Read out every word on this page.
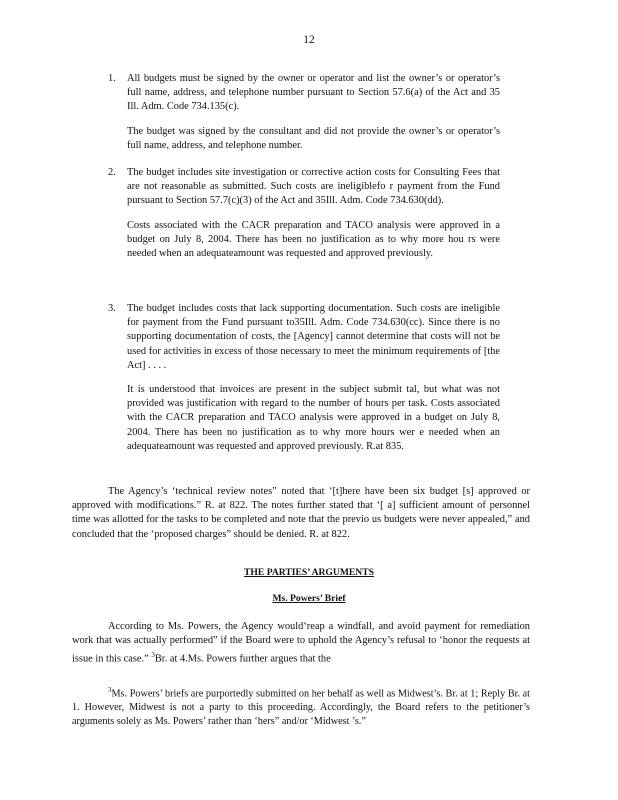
12
1. All budgets must be signed by the owner or operator and list the owner’s or operator’s full name, address, and telephone number pursuant to Section 57.6(a) of the Act and 35 Ill. Adm. Code 734.135(c).

The budget was signed by the consultant and did not provide the owner’s or operator’s full name, address, and telephone number.

2. The budget includes site investigation or corrective action costs for Consulting Fees that are not reasonable as submitted. Such costs are ineligiblefo r payment from the Fund pursuant to Section 57.7(c)(3) of the Act and 35Ill. Adm. Code 734.630(dd).

Costs associated with the CACR preparation and TACO analysis were approved in a budget on July 8, 2004. There has been no justification as to why more hou rs were needed when an adequateamount was requested and approved previously.

3. The budget includes costs that lack supporting documentation. Such costs are ineligible for payment from the Fund pursuant to35Ill. Adm. Code 734.630(cc). Since there is no supporting documentation of costs, the [Agency] cannot determine that costs will not be used for activities in excess of those necessary to meet the minimum requirements of [the Act] . . . .

It is understood that invoices are present in the subject submit tal, but what was not provided was justification with regard to the number of hours per task. Costs associated with the CACR preparation and TACO analysis were approved in a budget on July 8, 2004. There has been no justification as to why more hours wer e needed when an adequateamount was requested and approved previously. R.at 835.

The Agency’s ‘technical review notes” noted that ‘[t]here have been six budget [s] approved or approved with modifications.” R. at 822. The notes further stated that ‘[ a] sufficient amount of personnel time was allotted for the tasks to be completed and note that the previo us budgets were never appealed,” and concluded that the ‘proposed charges” should be denied. R. at 822.

THE PARTIES’ ARGUMENTS
Ms. Powers’ Brief

According to Ms. Powers, the Agency would‘reap a windfall, and avoid payment for remediation work that was actually performed” if the Board were to uphold the Agency’s refusal to ‘honor the requests at issue in this case.” $^3$Br. at 4.Ms. Powers further argues that the

$^3$Ms. Powers’ briefs are purportedly submitted on her behalf as well as Midwest’s. Br. at 1; Reply Br. at 1. However, Midwest is not a party to this proceeding. Accordingly, the Board refers to the petitioner’s arguments solely as Ms. Powers’ rather than ‘hers” and/or ‘Midwest ’s.”
